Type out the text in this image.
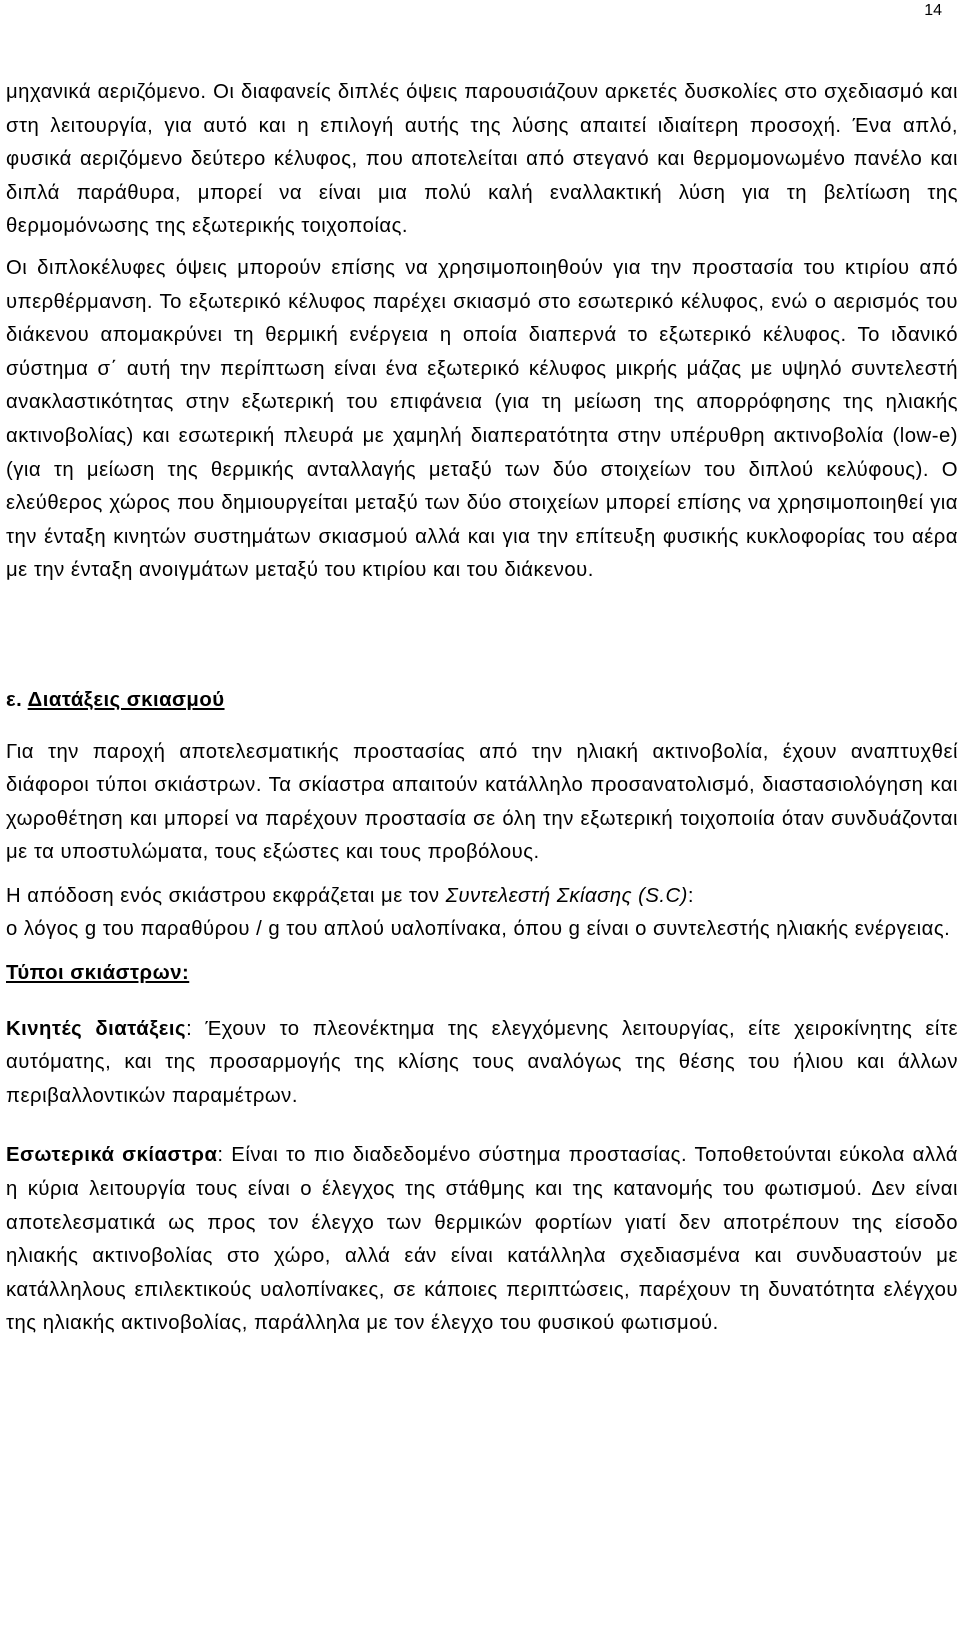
14

μηχανικά αεριζόμενο. Οι διαφανείς διπλές όψεις παρουσιάζουν αρκετές δυσκολίες στο σχεδιασμό και στη λειτουργία, για αυτό και η επιλογή αυτής της λύσης απαιτεί ιδιαίτερη προσοχή. Ένα απλό, φυσικά αεριζόμενο δεύτερο κέλυφος, που αποτελείται από στεγανό και θερμομονωμένο πανέλο και διπλά παράθυρα, μπορεί να είναι μια πολύ καλή εναλλακτική λύση για τη βελτίωση της θερμομόνωσης της εξωτερικής τοιχοποίας.

Οι διπλοκέλυφες όψεις μπορούν επίσης να χρησιμοποιηθούν για την προστασία του κτιρίου από υπερθέρμανση. Το εξωτερικό κέλυφος παρέχει σκιασμό στο εσωτερικό κέλυφος, ενώ ο αερισμός του διάκενου απομακρύνει τη θερμική ενέργεια η οποία διαπερνά το εξωτερικό κέλυφος. Το ιδανικό σύστημα σ΄ αυτή την περίπτωση είναι ένα εξωτερικό κέλυφος μικρής μάζας με υψηλό συντελεστή ανακλαστικότητας στην εξωτερική του επιφάνεια (για τη μείωση της απορρόφησης της ηλιακής ακτινοβολίας) και εσωτερική πλευρά με χαμηλή διαπερατότητα στην υπέρυθρη ακτινοβολία (low-e) (για τη μείωση της θερμικής ανταλλαγής μεταξύ των δύο στοιχείων του διπλού κελύφους). Ο ελεύθερος χώρος που δημιουργείται μεταξύ των δύο στοιχείων μπορεί επίσης να χρησιμοποιηθεί για την ένταξη κινητών συστημάτων σκιασμού αλλά και για την επίτευξη φυσικής κυκλοφορίας του αέρα με την ένταξη ανοιγμάτων μεταξύ του κτιρίου και του διάκενου.

ε. Διατάξεις σκιασμού

Για την παροχή αποτελεσματικής προστασίας από την ηλιακή ακτινοβολία, έχουν αναπτυχθεί διάφοροι τύποι σκιάστρων. Τα σκίαστρα απαιτούν κατάλληλο προσανατολισμό, διαστασιολόγηση και χωροθέτηση και μπορεί να παρέχουν προστασία σε όλη την εξωτερική τοιχοποιία όταν συνδυάζονται με τα υποστυλώματα, τους εξώστες και τους προβόλους.

Η απόδοση ενός σκιάστρου εκφράζεται με τον Συντελεστή Σκίασης (S.C):
ο λόγος g του παραθύρου / g του απλού υαλοπίνακα, όπου g είναι ο συντελεστής ηλιακής ενέργειας.

Τύποι σκιάστρων:

Κινητές διατάξεις: Έχουν το πλεονέκτημα της ελεγχόμενης λειτουργίας, είτε χειροκίνητης είτε αυτόματης, και της προσαρμογής της κλίσης τους αναλόγως της θέσης του ήλιου και άλλων περιβαλλοντικών παραμέτρων.

Εσωτερικά σκίαστρα: Είναι το πιο διαδεδομένο σύστημα προστασίας. Τοποθετούνται εύκολα αλλά η κύρια λειτουργία τους είναι ο έλεγχος της στάθμης και της κατανομής του φωτισμού. Δεν είναι αποτελεσματικά ως προς τον έλεγχο των θερμικών φορτίων γιατί δεν αποτρέπουν της είσοδο ηλιακής ακτινοβολίας στο χώρο, αλλά εάν είναι κατάλληλα σχεδιασμένα και συνδυαστούν με κατάλληλους επιλεκτικούς υαλοπίνακες, σε κάποιες περιπτώσεις, παρέχουν τη δυνατότητα ελέγχου της ηλιακής ακτινοβολίας, παράλληλα με τον έλεγχο του φυσικού φωτισμού.
